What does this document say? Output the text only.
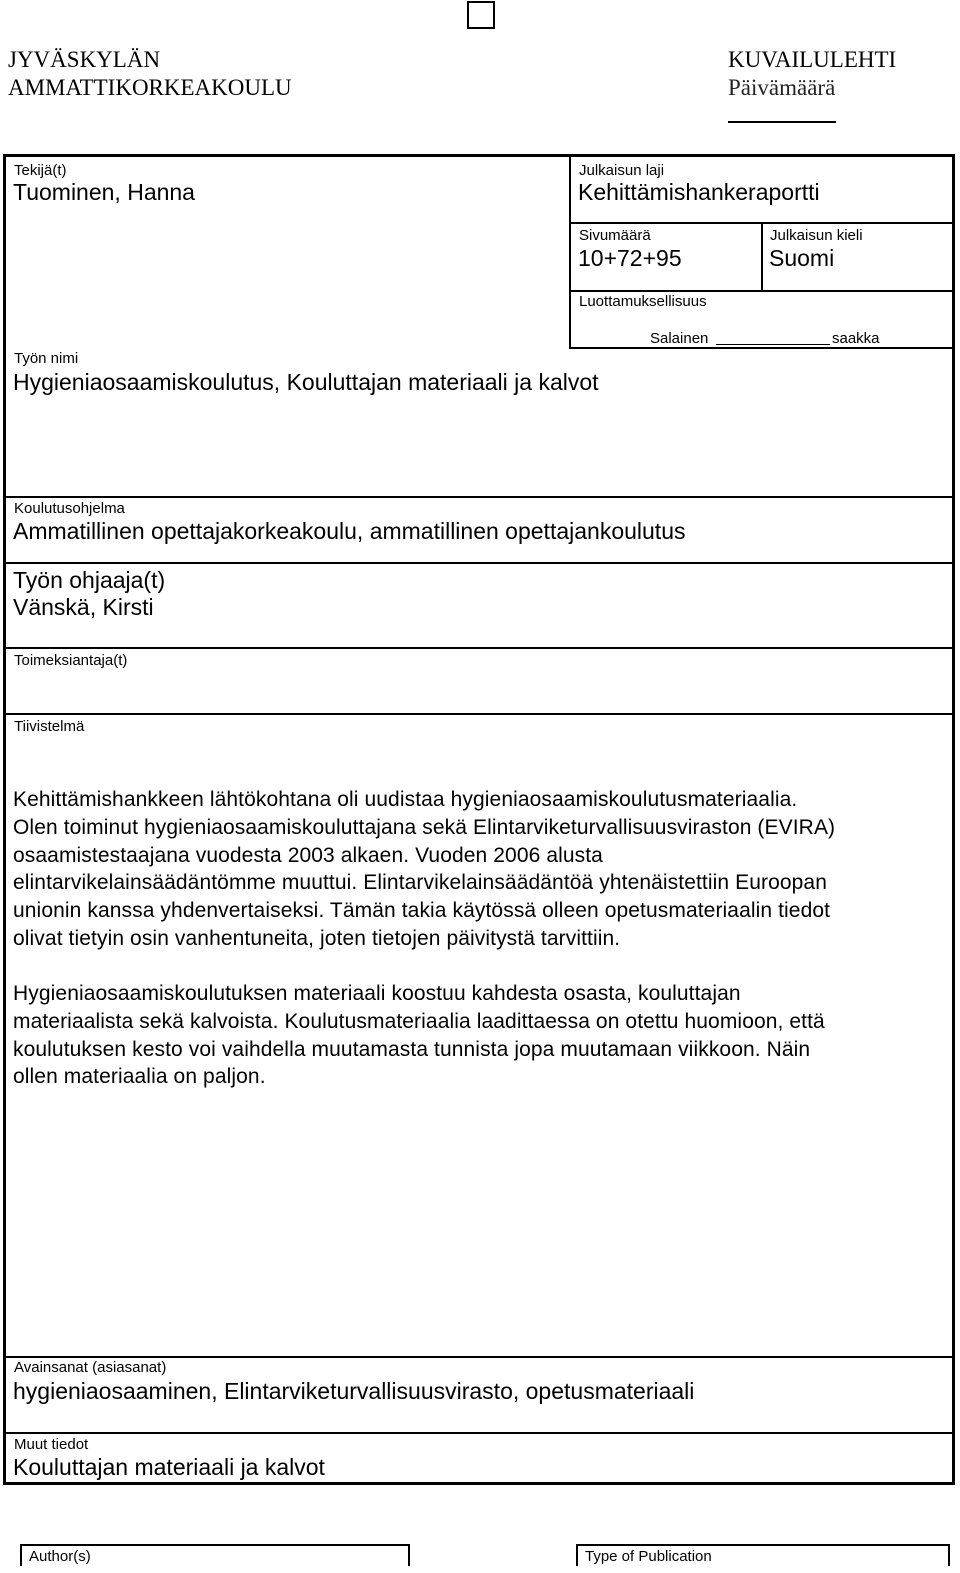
JYVÄSKYLÄN
AMMATTIKORKEAKOULU
KUVAILULEHTI
Päivämäärä
Tekijä(t)
Tuominen, Hanna
Julkaisun laji
Kehittämishankeraportti
Sivumäärä
10+72+95
Julkaisun kieli
Suomi
Luottamuksellisuus
Salainen	saakka
Työn nimi
Hygieniaosaamiskoulutus, Kouluttajan materiaali ja kalvot
Koulutusohjelma
Ammatillinen opettajakorkeakoulu, ammatillinen opettajankoulutus
Työn ohjaaja(t)
Vänskä, Kirsti
Toimeksiantaja(t)
Tiivistelmä
Kehittämishankkeen lähtökohtana oli uudistaa hygieniaosaamiskoulutusmateriaalia.
Olen toiminut hygieniaosaamiskouluttajana sekä Elintarviketurvallisuusviraston (EVIRA)
osaamistestaajana vuodesta 2003 alkaen. Vuoden 2006 alusta
elintarvikelainsäädäntömme muuttui. Elintarvikelainsäädäntöä yhtenäistettiin Euroopan
unionin kanssa yhdenvertaiseksi. Tämän takia käytössä olleen opetusmateriaalin tiedot
olivat tietyin osin vanhentuneita, joten tietojen päivitystä tarvittiin.
Hygieniaosaamiskoulutuksen materiaali koostuu kahdesta osasta, kouluttajan
materiaalista sekä kalvoista. Koulutusmateriaalia laadittaessa on otettu huomioon, että
koulutuksen kesto voi vaihdella muutamasta tunnista jopa muutamaan viikkoon. Näin
ollen materiaalia on paljon.
Avainsanat (asiasanat)
hygieniaosaaminen, Elintarviketurvallisuusvirasto, opetusmateriaali
Muut tiedot
Kouluttajan materiaali ja kalvot
Author(s)	Type of Publication
